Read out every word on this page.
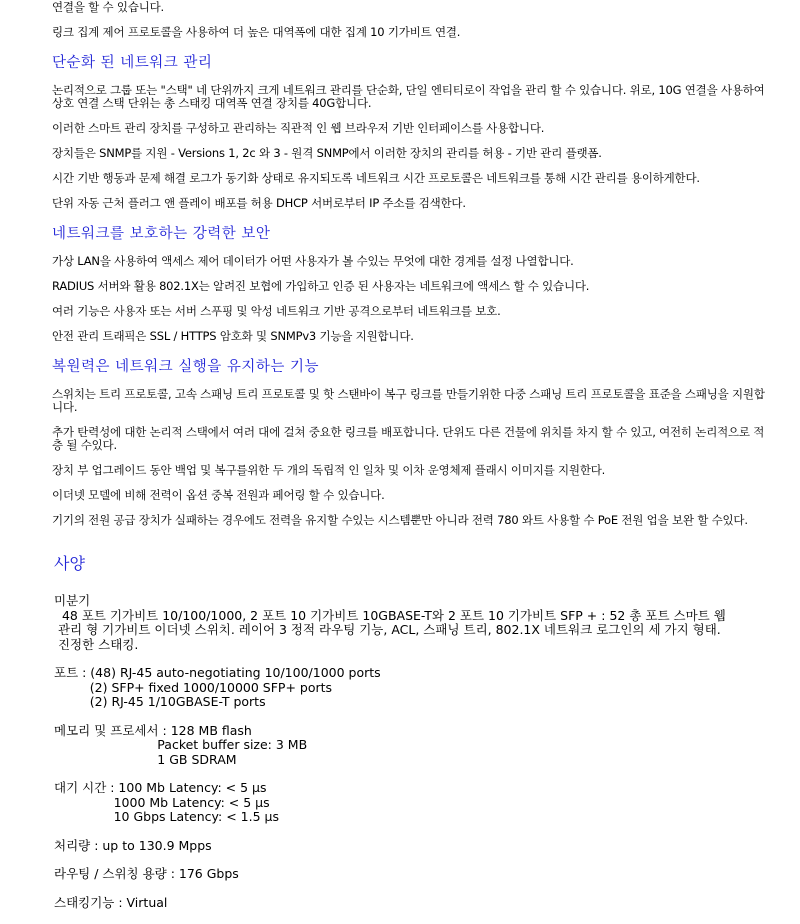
연결을 할 수 있습니다.

링크 집계 제어 프로토콜을 사용하여 더 높은 대역폭에 대한 집계 10 기가비트 연결.

단순화 된 네트워크 관리

논리적으로 그룹 또는 "스택" 네 단위까지 크게 네트워크 관리를 단순화, 단일 엔티티로이 작업을 관리 할 수 있습니다. 위로, 10G 연결을 사용하여 상호 연결 스택 단위는 총 스태킹 대역폭 연결 장치를 40G합니다.

이러한 스마트 관리 장치를 구성하고 관리하는 직관적 인 웹 브라우저 기반 인터페이스를 사용합니다.

장치들은 SNMP를 지원 - Versions 1, 2c 와 3 - 원격 SNMP에서 이러한 장치의 관리를 허용 - 기반 관리 플랫폼.

시간 기반 행동과 문제 해결 로그가 동기화 상태로 유지되도록 네트워크 시간 프로토콜은 네트워크를 통해 시간 관리를 용이하게한다.

단위 자동 근처 플러그 앤 플레이 배포를 허용 DHCP 서버로부터 IP 주소를 검색한다.

네트워크를 보호하는 강력한 보안

가상 LAN을 사용하여 액세스 제어 데이터가 어떤 사용자가 볼 수있는 무엇에 대한 경계를 설정 나열합니다.

RADIUS 서버와 활용 802.1X는 알려진 보협에 가입하고 인증 된 사용자는 네트워크에 액세스 할 수 있습니다.

여러 기능은 사용자 또는 서버 스푸핑 및 악성 네트워크 기반 공격으로부터 네트워크를 보호.

안전 관리 트래픽은 SSL / HTTPS 암호화 및 SNMPv3 기능을 지원합니다.

복원력은 네트워크 실행을 유지하는 기능

스위치는 트리 프로토콜, 고속 스패닝 트리 프로토콜 및 핫 스탠바이 복구 링크를 만들기위한 다중 스패닝 트리 프로토콜을 표준을 스패닝을 지원합니다.

추가 탄력성에 대한 논리적 스택에서 여러 대에 걸쳐 중요한 링크를 배포합니다. 단위도 다른 건물에 위치를 차지 할 수 있고, 여전히 논리적으로 적층 될 수있다.

장치 부 업그레이드 동안 백업 및 복구를위한 두 개의 독립적 인 일차 및 이차 운영체제 플래시 이미지를 지원한다.

이더넷 모델에 비해 전력이 옵션 중복 전원과 페어링 할 수 있습니다.

기기의 전원 공급 장치가 실패하는 경우에도 전력을 유지할 수있는 시스템뿐만 아니라 전력 780 와트 사용할 수 PoE 전원 업을 보완 할 수있다.

사양
미분기
48 포트 기가비트 10/100/1000, 2 포트 10 기가비트 10GBASE-T와 2 포트 10 기가비트 SFP + : 52 총 포트 스마트 웹
관리 형 기가비트 이더넷 스위치. 레이어 3 정적 라우팅 기능, ACL, 스패닝 트리, 802.1X 네트워크 로그인의 세 가지 형태.
진정한 스태킹.
포트 : (48) RJ-45 auto-negotiating 10/100/1000 ports
(2) SFP+ fixed 1000/10000 SFP+ ports
(2) RJ-45 1/10GBASE-T ports
메모리 및 프로세서 : 128 MB flash
Packet buffer size: 3 MB
1 GB SDRAM
대기 시간 : 100 Mb Latency: < 5 µs
1000 Mb Latency: < 5 µs
10 Gbps Latency: < 1.5 µs
처리량 : up to 130.9 Mpps
라우팅 / 스위칭 용량 : 176 Gbps
스태킹기능 : Virtual
